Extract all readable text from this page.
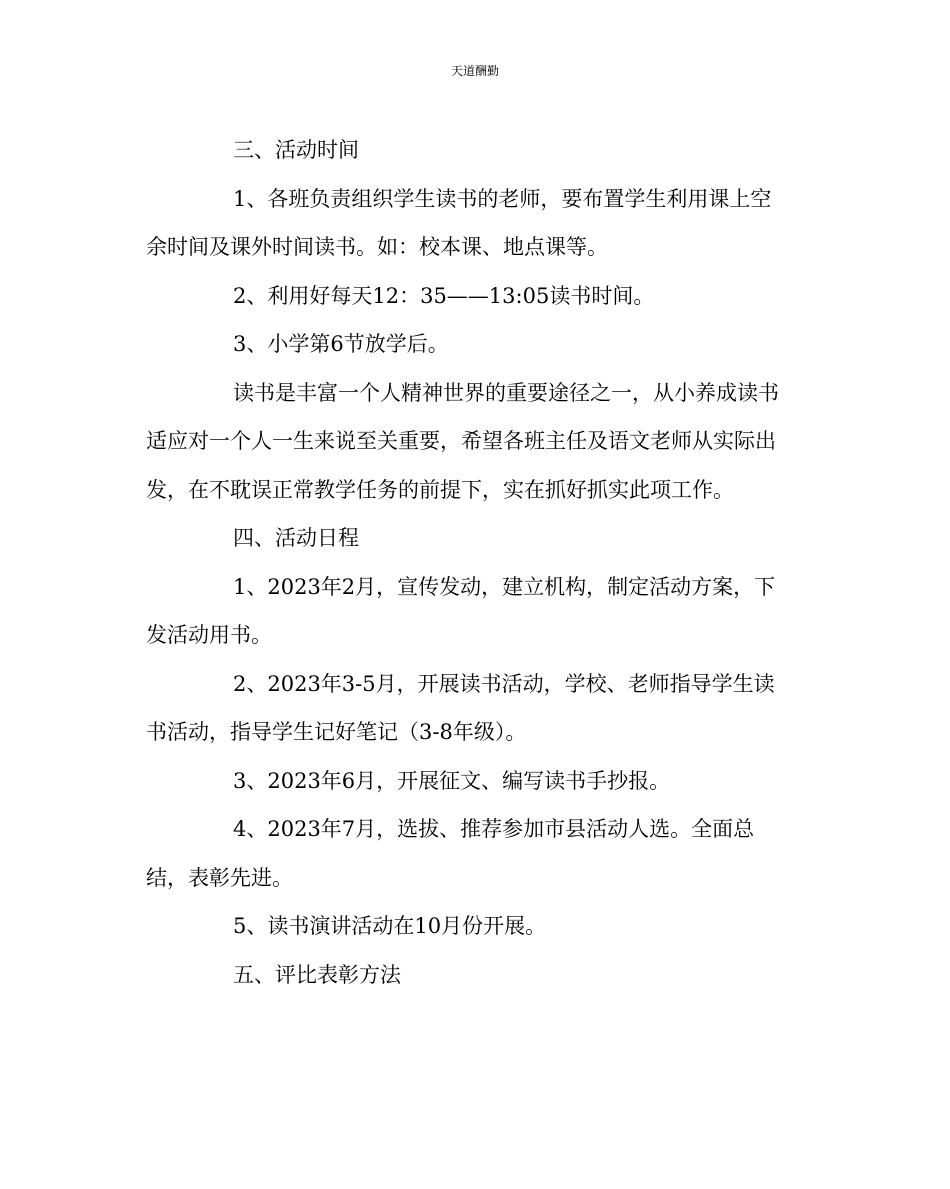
天道酬勤

三、活动时间

1、各班负责组织学生读书的老师，要布置学生利用课上空

余时间及课外时间读书。如：校本课、地点课等。

2、利用好每天12：35——13:05读书时间。

3、小学第6节放学后。

读书是丰富一个人精神世界的重要途径之一，从小养成读书

适应对一个人一生来说至关重要，希望各班主任及语文老师从实际出

发，在不耽误正常教学任务的前提下，实在抓好抓实此项工作。

四、活动日程

1、2023年2月，宣传发动，建立机构，制定活动方案，下

发活动用书。

2、2023年3-5月，开展读书活动，学校、老师指导学生读

书活动，指导学生记好笔记（3-8年级）。

3、2023年6月，开展征文、编写读书手抄报。

4、2023年7月，选拔、推荐参加市县活动人选。全面总

结，表彰先进。

5、读书演讲活动在10月份开展。

五、评比表彰方法
